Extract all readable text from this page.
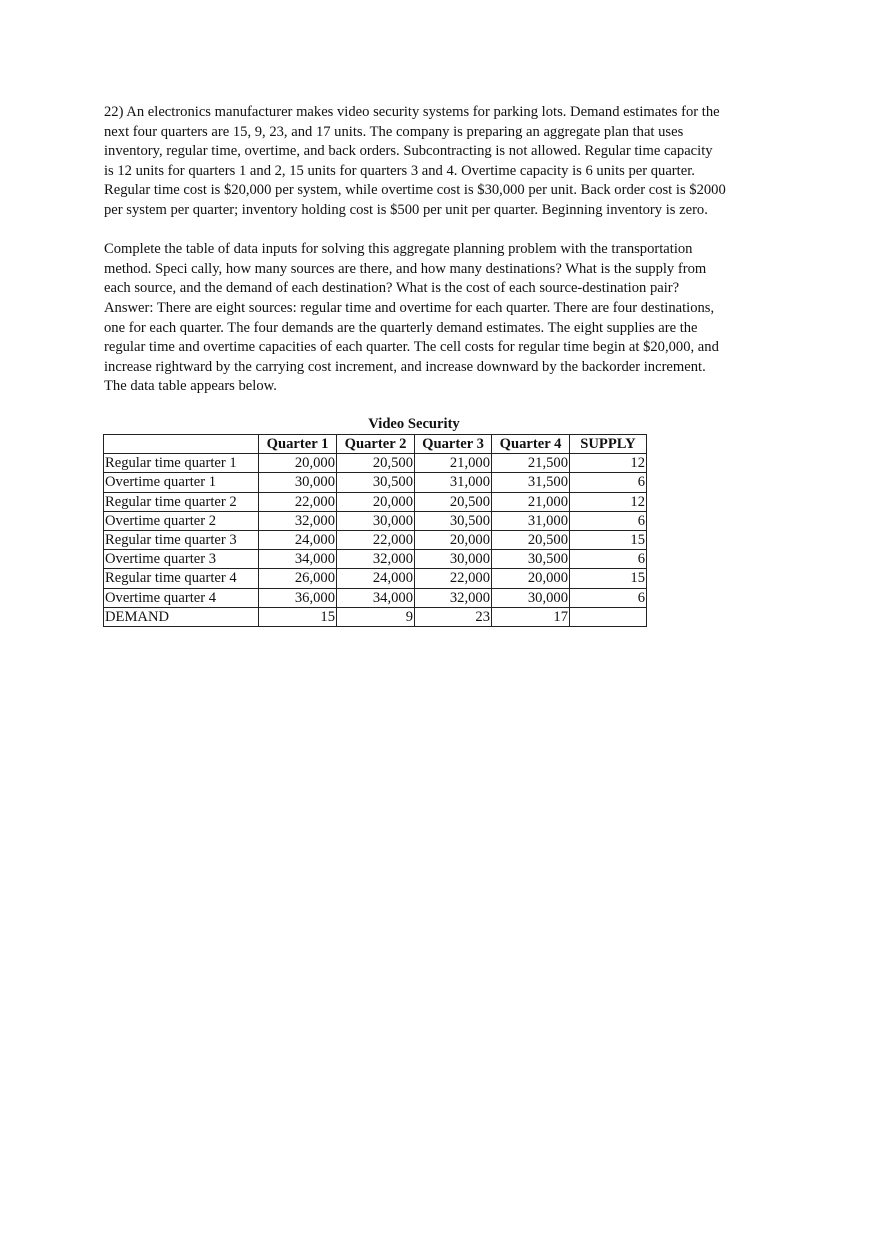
22) An electronics manufacturer makes video security systems for parking lots. Demand estimates for the
next four quarters are 15, 9, 23, and 17 units. The company is preparing an aggregate plan that uses
inventory, regular time, overtime, and back orders. Subcontracting is not allowed. Regular time capacity
is 12 units for quarters 1 and 2, 15 units for quarters 3 and 4. Overtime capacity is 6 units per quarter.
Regular time cost is $20,000 per system, while overtime cost is $30,000 per unit. Back order cost is $2000
per system per quarter; inventory holding cost is $500 per unit per quarter. Beginning inventory is zero.

Complete the table of data inputs for solving this aggregate planning problem with the transportation
method. Speci cally, how many sources are there, and how many destinations? What is the supply from
each source, and the demand of each destination? What is the cost of each source-destination pair?
Answer: There are eight sources: regular time and overtime for each quarter. There are four destinations,
one for each quarter. The four demands are the quarterly demand estimates. The eight supplies are the
regular time and overtime capacities of each quarter. The cell costs for regular time begin at $20,000, and
increase rightward by the carrying cost increment, and increase downward by the backorder increment.
The data table appears below.

Video Security
	Quarter 1	Quarter 2	Quarter 3	Quarter 4	SUPPLY
Regular time quarter 1	20,000	20,500	21,000	21,500	12
Overtime quarter 1	30,000	30,500	31,000	31,500	6
Regular time quarter 2	22,000	20,000	20,500	21,000	12
Overtime quarter 2	32,000	30,000	30,500	31,000	6
Regular time quarter 3	24,000	22,000	20,000	20,500	15
Overtime quarter 3	34,000	32,000	30,000	30,500	6
Regular time quarter 4	26,000	24,000	22,000	20,000	15
Overtime quarter 4	36,000	34,000	32,000	30,000	6
DEMAND	15	9	23	17	
